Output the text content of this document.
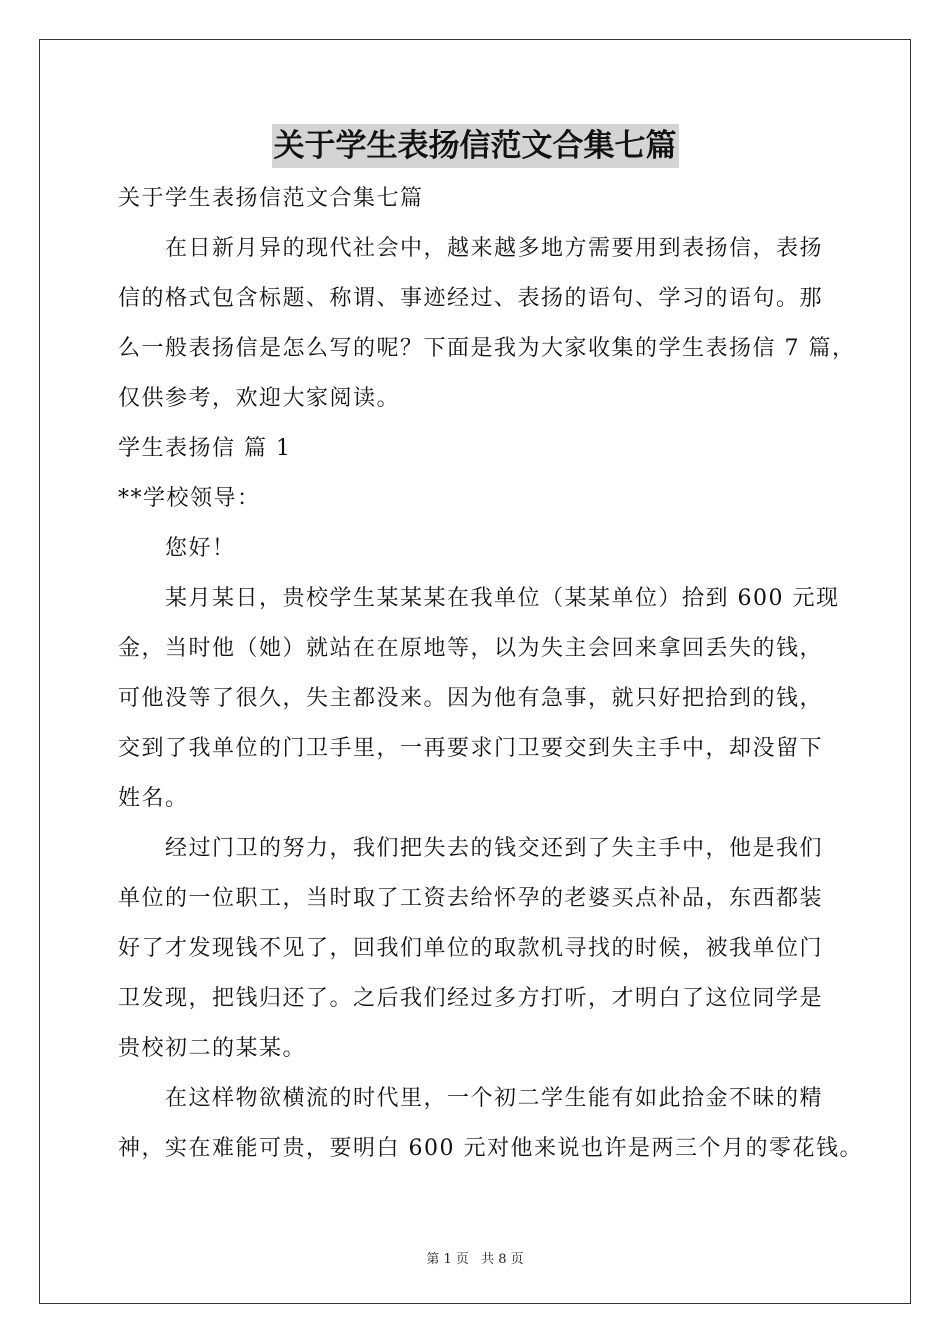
关于学生表扬信范文合集七篇
关于学生表扬信范文合集七篇
　　在日新月异的现代社会中，越来越多地方需要用到表扬信，表扬
信的格式包含标题、称谓、事迹经过、表扬的语句、学习的语句。那
么一般表扬信是怎么写的呢？下面是我为大家收集的学生表扬信 7 篇，
仅供参考，欢迎大家阅读。
学生表扬信 篇 1
**学校领导：
　　您好！
　　某月某日，贵校学生某某某在我单位（某某单位）拾到 600 元现
金，当时他（她）就站在在原地等，以为失主会回来拿回丢失的钱，
可他没等了很久，失主都没来。因为他有急事，就只好把拾到的钱，
交到了我单位的门卫手里，一再要求门卫要交到失主手中，却没留下
姓名。
　　经过门卫的努力，我们把失去的钱交还到了失主手中，他是我们
单位的一位职工，当时取了工资去给怀孕的老婆买点补品，东西都装
好了才发现钱不见了，回我们单位的取款机寻找的时候，被我单位门
卫发现，把钱归还了。之后我们经过多方打听，才明白了这位同学是
贵校初二的某某。
　　在这样物欲横流的时代里，一个初二学生能有如此拾金不昧的精
神，实在难能可贵，要明白 600 元对他来说也许是两三个月的零花钱。
第 1 页 共 8 页
